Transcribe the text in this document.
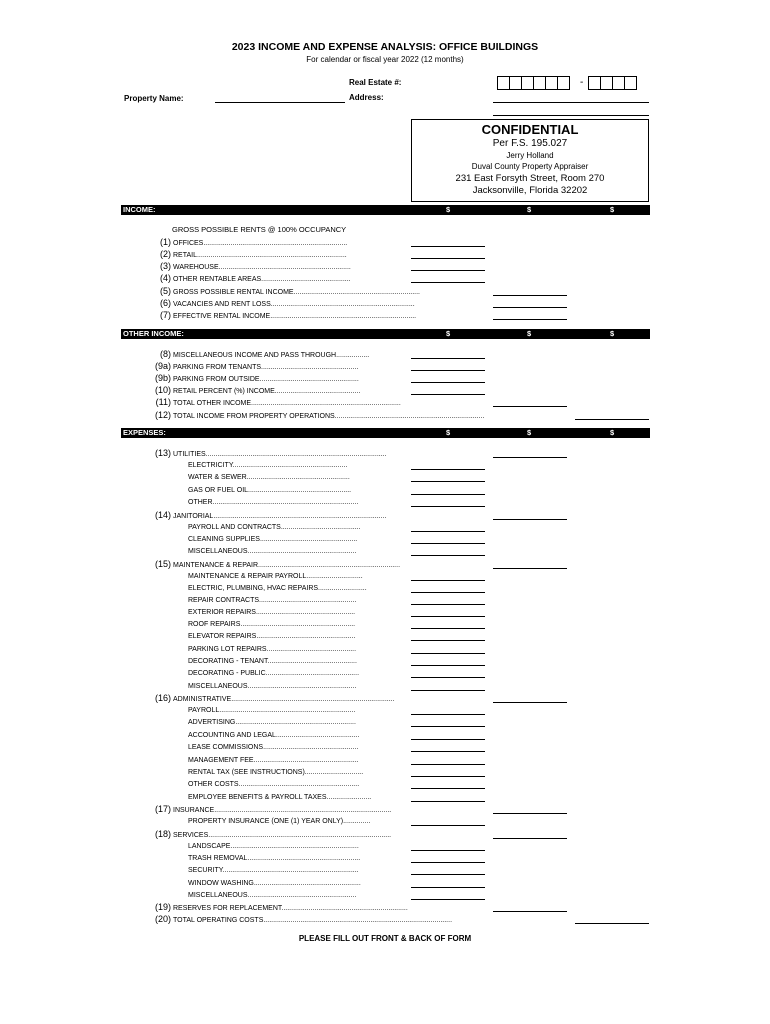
2023 INCOME AND EXPENSE ANALYSIS: OFFICE BUILDINGS
For calendar or fiscal year 2022 (12 months)
Real Estate #:	-
Property Name:	Address:
CONFIDENTIAL
Per F.S. 195.027
Jerry Holland
Duval County Property Appraiser
231 East Forsyth Street, Room 270
Jacksonville, Florida 32202
INCOME:	$	$	$
OTHER INCOME:	$	$	$
EXPENSES:	$	$	$
GROSS POSSIBLE RENTS @ 100% OCCUPANCY
(1) OFFICES..........................................................................
(2) RETAIL.............................................................................
(3) WAREHOUSE....................................................................
(4) OTHER RENTABLE AREAS..............................................
(5) GROSS POSSIBLE RENTAL INCOME.................................................................
(6) VACANCIES AND RENT LOSS..........................................................................
(7) EFFECTIVE RENTAL INCOME...........................................................................
(8) MISCELLANEOUS INCOME AND PASS THROUGH.................
(9a) PARKING FROM TENANTS..................................................
(9b) PARKING FROM OUTSIDE...................................................
(10) RETAIL PERCENT (%) INCOME............................................
(11) TOTAL OTHER INCOME.............................................................................
(12) TOTAL INCOME FROM PROPERTY OPERATIONS.............................................................................
(13) UTILITIES.............................................................................................
ELECTRICITY...........................................................
WATER & SEWER.....................................................
GAS OR FUEL OIL.....................................................
OTHER...........................................................................
(14) JANITORIAL.........................................................................................
PAYROLL AND CONTRACTS.........................................
CLEANING SUPPLIES..................................................
MISCELLANEOUS........................................................
(15) MAINTENANCE & REPAIR.........................................................................
MAINTENANCE & REPAIR PAYROLL.............................
ELECTRIC, PLUMBING, HVAC REPAIRS.........................
REPAIR CONTRACTS..................................................
EXTERIOR REPAIRS...................................................
ROOF REPAIRS...........................................................
ELEVATOR REPAIRS...................................................
PARKING LOT REPAIRS..............................................
DECORATING - TENANT..............................................
DECORATING - PUBLIC................................................
MISCELLANEOUS........................................................
(16) ADMINISTRATIVE....................................................................................
PAYROLL......................................................................
ADVERTISING..............................................................
ACCOUNTING AND LEGAL...........................................
LEASE COMMISSIONS.................................................
MANAGEMENT FEE......................................................
RENTAL TAX (SEE INSTRUCTIONS)..............................
OTHER COSTS..............................................................
EMPLOYEE BENEFITS & PAYROLL TAXES.......................
(17) INSURANCE...........................................................................................
PROPERTY INSURANCE (ONE (1) YEAR ONLY)..............
(18) SERVICES..............................................................................................
LANDSCAPE..................................................................
TRASH REMOVAL..........................................................
SECURITY......................................................................
WINDOW WASHING.......................................................
MISCELLANEOUS........................................................
(19) RESERVES FOR REPLACEMENT.................................................................
(20) TOTAL OPERATING COSTS.................................................................................................
PLEASE FILL OUT FRONT & BACK OF FORM
